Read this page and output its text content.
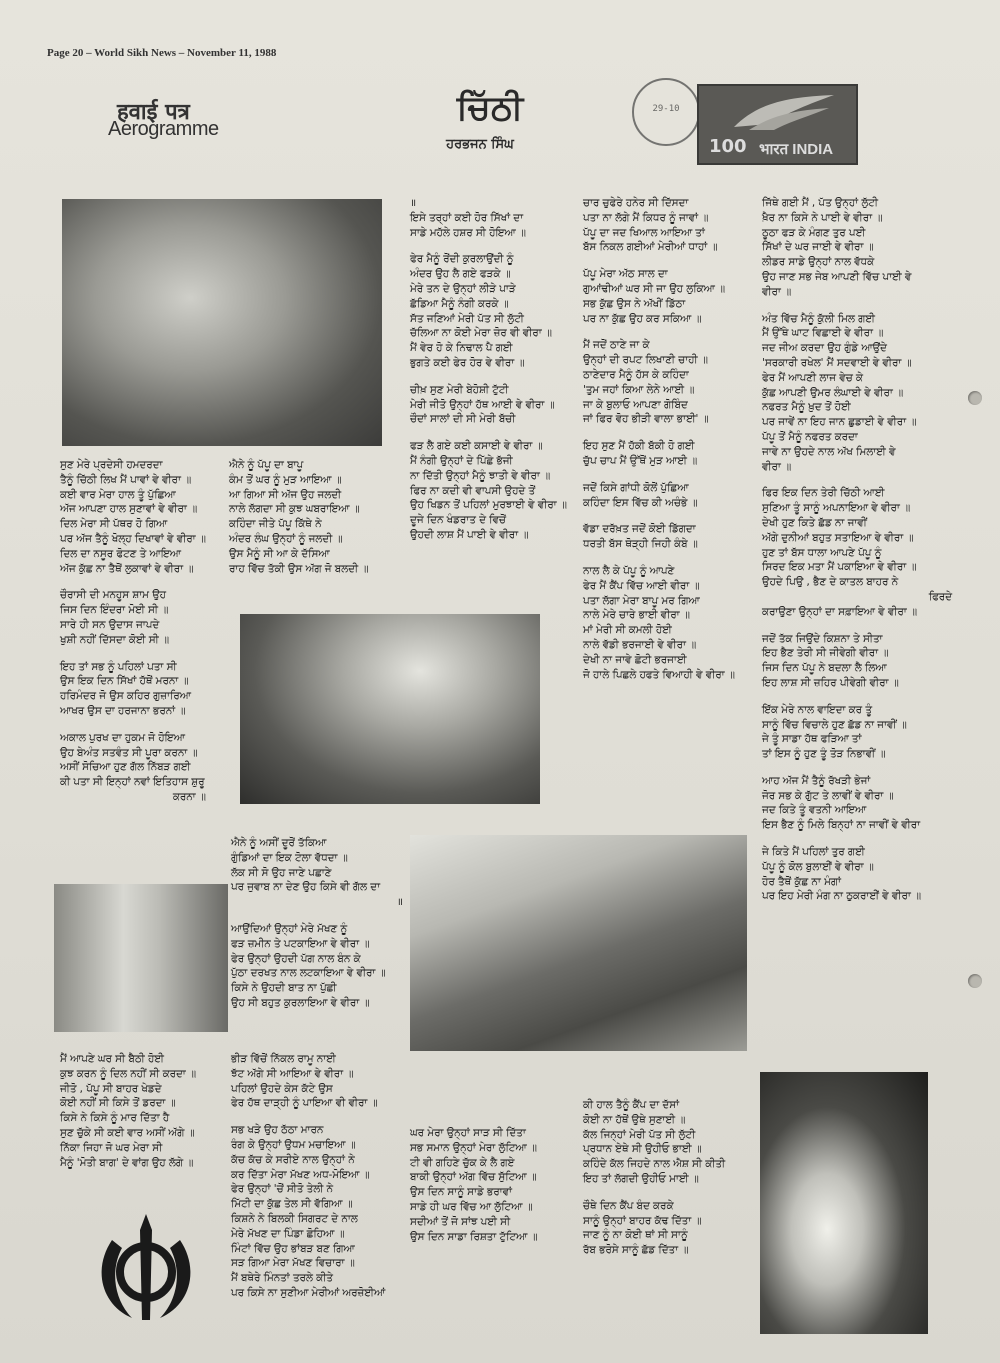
Page 20 – World Sikh News – November 11, 1988
हवाई पत्र
Aerogramme
ਚਿੱਠੀ
ਹਰਭਜਨ ਸਿੰਘ
29-10
100 भारत INDIA
ਸੁਣ ਮੇਰੇ ਪ੍ਰਦੇਸੀ ਹਮਦਰਦਾ
ਤੈਨੂੰ ਚਿੱਠੀ ਲਿਖ ਮੈਂ ਪਾਵਾਂ ਵੇ ਵੀਰਾ ॥
ਕਈ ਵਾਰ ਮੇਰਾ ਹਾਲ ਤੂੰ ਪੁੱਛਿਆ
ਅੱਜ ਆਪਣਾ ਹਾਲ ਸੁਣਾਵਾਂ ਵੇ ਵੀਰਾ ॥
ਦਿਲ ਮੇਰਾ ਸੀ ਪੱਥਰ ਹੋ ਗਿਆ
ਪਰ ਅੱਜ ਤੈਨੂੰ ਖੋਲ੍ਹ ਦਿਖਾਵਾਂ ਵੇ ਵੀਰਾ ॥
ਦਿਲ ਦਾ ਨਸੂਰ ਫੋਟਣ ਤੇ ਆਇਆ
ਅੱਜ ਕੁੱਛ ਨਾ ਤੈਥੋਂ ਲੁਕਾਵਾਂ ਵੇ ਵੀਰਾ ॥
ਚੌਰਾਸੀ ਦੀ ਮਨਹੂਸ ਸ਼ਾਮ ਉਹ
ਜਿਸ ਦਿਨ ਇੰਦਰਾ ਮੋਈ ਸੀ ॥
ਸਾਰੇ ਹੀ ਸਨ ਉਦਾਸ ਜਾਪਦੇ
ਖੁਸ਼ੀ ਨਹੀਂ ਦਿੱਸਦਾ ਕੋਈ ਸੀ ॥
ਇਹ ਤਾਂ ਸਭ ਨੂੰ ਪਹਿਲਾਂ ਪਤਾ ਸੀ
ਉਸ ਇਕ ਦਿਨ ਸਿੱਖਾਂ ਹੱਥੋਂ ਮਰਨਾ ॥
ਹਰਿਮੰਦਰ ਜੋ ਉਸ ਕਹਿਰ ਗੁਜ਼ਾਰਿਆ
ਆਖਰ ਉਸ ਦਾ ਹਰਜਾਨਾ ਭਰਨਾਂ ॥
ਅਕਾਲ ਪੁਰਖ ਦਾ ਹੁਕਮ ਜੋ ਹੋਇਆ
ਉਹ ਬੇਅੰਤ ਸਤਵੰਤ ਸੀ ਪੂਰਾ ਕਰਨਾ ॥
ਅਸੀਂ ਸੋਚਿਆ ਹੁਣ ਗੱਲ ਨਿੱਬੜ ਗਈ
ਕੀ ਪਤਾ ਸੀ ਇਨ੍ਹਾਂ ਨਵਾਂ ਇਤਿਹਾਸ ਸ਼ੁਰੂ
ਕਰਨਾ ॥
ਐਨੇ ਨੂੰ ਪੱਪੂ ਦਾ ਬਾਪੂ
ਕੰਮ ਤੋਂ ਘਰ ਨੂੰ ਮੁੜ ਆਇਆ ॥
ਆ ਗਿਆ ਸੀ ਅੱਜ ਉਹ ਜਲਦੀ
ਨਾਲੇ ਲੱਗਦਾ ਸੀ ਕੁਝ ਘਬਰਾਇਆ ॥
ਕਹਿੰਦਾ ਜੀਤੇ ਪੱਪੂ ਕਿੱਥੇ ਨੇ
ਅੰਦਰ ਲੰਘ ਉਨ੍ਹਾਂ ਨੂੰ ਜਲਦੀ ॥
ਉਸ ਮੈਨੂੰ ਸੀ ਆ ਕੇ ਦੱਸਿਆ
ਰਾਹ ਵਿੱਚ ਤੱਕੀ ਉਸ ਅੱਗ ਜੋ ਬਲਦੀ ॥
॥
ਇਸੇ ਤਰ੍ਹਾਂ ਕਈ ਹੋਰ ਸਿੱਖਾਂ ਦਾ
ਸਾਡੇ ਮਹੱਲੇ ਹਸ਼ਰ ਸੀ ਹੋਇਆ ॥
ਫੇਰ ਮੈਨੂੰ ਰੋਂਦੀ ਕੁਰਲਾਉਂਦੀ ਨੂੰ
ਅੰਦਰ ਉਹ ਲੈ ਗਏ ਫੜਕੇ ॥
ਮੇਰੇ ਤਨ ਦੇ ਉਨ੍ਹਾਂ ਲੀੜੇ ਪਾੜੇ
ਛੱਡਿਆ ਮੈਨੂੰ ਨੰਗੀ ਕਰਕੇ ॥
ਸੱਤ ਜਣਿਆਂ ਮੇਰੀ ਪੱਤ ਸੀ ਲੁੱਟੀ
ਚੱਲਿਆ ਨਾ ਕੋਈ ਮੇਰਾ ਜ਼ੋਰ ਵੀ ਵੀਰਾ ॥
ਮੈਂ ਵੇਰ ਹੋ ਕੇ ਨਿਢਾਲ ਪੈ ਗਈ
ਭੁਗਤੇ ਕਈ ਫੇਰ ਹੋਰ ਵੇ ਵੀਰਾ ॥
ਚੀਖ਼ ਸੁਣ ਮੇਰੀ ਬੇਹੋਸ਼ੀ ਟੁੱਟੀ
ਮੇਰੀ ਜੀਤੋ ਉਨ੍ਹਾਂ ਹੱਥ ਆਈ ਵੇ ਵੀਰਾ ॥
ਚੌਦਾਂ ਸਾਲਾਂ ਦੀ ਸੀ ਮੇਰੀ ਬੱਚੀ
ਫੜ ਲੈ ਗਏ ਕਈ ਕਸਾਈ ਵੇ ਵੀਰਾ ॥
ਮੈਂ ਨੰਗੀ ਉਨ੍ਹਾਂ ਦੇ ਪਿੱਛੇ ਭੱਜੀ
ਨਾ ਦਿੱਤੀ ਉਨ੍ਹਾਂ ਮੈਨੂੰ ਝਾਤੀ ਵੇ ਵੀਰਾ ॥
ਫਿਰ ਨਾ ਕਦੀ ਵੀ ਵਾਪਸੀ ਉਹਦੇ ਤੋਂ
ਉਹ ਖਿਡਨ ਤੋਂ ਪਹਿਲਾਂ ਮੁਰਝਾਈ ਵੇ ਵੀਰਾ ॥
ਦੂਜੇ ਦਿਨ ਖੰਡਰਾਤ ਦੇ ਵਿਚੋਂ
ਉਹਦੀ ਲਾਸ਼ ਮੈਂ ਪਾਈ ਵੇ ਵੀਰਾ ॥
ਚਾਰ ਚੁਫੇਰੇ ਹਨੇਰ ਸੀ ਦਿੱਸਦਾ
ਪਤਾ ਨਾ ਲੱਗੇ ਮੈਂ ਕਿਧਰ ਨੂੰ ਜਾਵਾਂ ॥
ਪੱਪੂ ਦਾ ਜਦ ਖਿਆਲ ਆਇਆ ਤਾਂ
ਬੱਸ ਨਿਕਲ ਗਈਆਂ ਮੇਰੀਆਂ ਧਾਹਾਂ ॥
ਪੱਪੂ ਮੇਰਾ ਅੱਠ ਸਾਲ ਦਾ
ਗੁਆਂਢੀਆਂ ਘਰ ਸੀ ਜਾ ਉਹ ਲੁਕਿਆ ॥
ਸਭ ਕੁੱਛ ਉਸ ਨੇ ਅੱਖੀਂ ਡਿੱਠਾ
ਪਰ ਨਾ ਕੁੱਛ ਉਹ ਕਰ ਸਕਿਆ ॥
ਮੈਂ ਜਦੋਂ ਠਾਣੇ ਜਾ ਕੇ
ਉਨ੍ਹਾਂ ਦੀ ਰਪਟ ਲਿਖਾਣੀ ਚਾਹੀ ॥
ਠਾਣੇਦਾਰ ਮੈਨੂੰ ਹੱਸ ਕੇ ਕਹਿੰਦਾ
'ਤੁਮ ਜਹਾਂ ਕਿਆ ਲੇਨੇ ਆਈ ॥
ਜਾ ਕੇ ਬੁਲਾਓ ਆਪਣਾ ਗੋਬਿੰਦ
ਜਾਂ ਫਿਰ ਵੋਹ ਭੀੜੀ ਵਾਲਾ ਭਾਈ' ॥
ਇਹ ਸੁਣ ਮੈਂ ਹੱਕੀ ਬੱਕੀ ਹੋ ਗਈ
ਚੁੱਪ ਚਾਪ ਮੈਂ ਉੱਥੋਂ ਮੁੜ ਆਈ ॥
ਜਦੋਂ ਕਿਸੇ ਗਾਂਧੀ ਕੋਲੋਂ ਪੁੱਛਿਆ
ਕਹਿੰਦਾ ਇਸ ਵਿੱਚ ਕੀ ਅਚੰਭੇ ॥
ਵੱਡਾ ਦਰੱਖ਼ਤ ਜਦੋਂ ਕੋਈ ਡਿੱਗਦਾ
ਧਰਤੀ ਬੱਸ ਥੋੜ੍ਹੀ ਜਿਹੀ ਕੰਬੇ ॥
ਨਾਲ ਲੈ ਕੇ ਪੱਪੂ ਨੂੰ ਆਪਣੇ
ਫੇਰ ਮੈਂ ਕੈਂਪ ਵਿੱਚ ਆਈ ਵੀਰਾ ॥
ਪਤਾ ਲੱਗਾ ਮੇਰਾ ਬਾਪੂ ਮਰ ਗਿਆ
ਨਾਲੇ ਮੇਰੇ ਚਾਰੇ ਭਾਈ ਵੀਰਾ ॥
ਮਾਂ ਮੇਰੀ ਸੀ ਕਮਲੀ ਹੋਈ
ਨਾਲੇ ਵੱਡੀ ਭਰਜਾਈ ਵੇ ਵੀਰਾ ॥
ਦੇਖੀ ਨਾ ਜਾਵੇ ਛੋਟੀ ਭਰਜਾਈ
ਜੋ ਹਾਲੇ ਪਿਛਲੇ ਹਫਤੇ ਵਿਆਹੀ ਵੇ ਵੀਰਾ ॥
ਜਿੱਥੇ ਗਈ ਮੈਂ , ਪੱਤ ਉਨ੍ਹਾਂ ਲੁੱਟੀ
ਖ਼ੈਰ ਨਾ ਕਿਸੇ ਨੇ ਪਾਈ ਵੇ ਵੀਰਾ ॥
ਠੂਠਾ ਫੜ ਕੇ ਮੰਗਣ ਤੁਰ ਪਈ
ਸਿੱਖਾਂ ਦੇ ਘਰ ਜਾਈ ਵੇ ਵੀਰਾ ॥
ਲੀਡਰ ਸਾਡੇ ਉਨ੍ਹਾਂ ਨਾਲ ਵੱਧਕੇ
ਉਹ ਜਾਣ ਸਭ ਜੇਬ ਆਪਣੀ ਵਿੱਚ ਪਾਈ ਵੇ
ਵੀਰਾ ॥
ਅੰਤ ਵਿੱਚ ਮੈਨੂੰ ਕੁੱਲੀ ਮਿਲ ਗਈ
ਮੈਂ ਉੱਥੇ ਘਾਟ ਵਿਛਾਈ ਵੇ ਵੀਰਾ ॥
ਜਦ ਜੀਅ ਕਰਦਾ ਉਹ ਗੁੰਡੇ ਆਉਂਦੇ
'ਸਰਕਾਰੀ ਰਖੇਲ' ਮੈਂ ਸਦਵਾਈ ਵੇ ਵੀਰਾ ॥
ਫੇਰ ਮੈਂ ਆਪਣੀ ਲਾਜ ਵੇਚ ਕੇ
ਕੁੱਛ ਆਪਣੀ ਉਮਰ ਲੰਘਾਈ ਵੇ ਵੀਰਾ ॥
ਨਫਰਤ ਮੈਨੂੰ ਖ਼ੁਦ ਤੋਂ ਹੋਈ
ਪਰ ਜਾਵੇਂ ਨਾ ਇਹ ਜਾਨ ਛੁਡਾਈ ਵੇ ਵੀਰਾ ॥
ਪੱਪੂ ਤੋਂ ਮੈਨੂੰ ਨਫਰਤ ਕਰਦਾ
ਜਾਵੇ ਨਾ ਉਹਦੇ ਨਾਲ ਅੱਖ ਮਿਲਾਈ ਵੇ
ਵੀਰਾ ॥
ਫਿਰ ਇਕ ਦਿਨ ਤੇਰੀ ਚਿੱਠੀ ਆਈ
ਸੁਣਿਆ ਤੂੰ ਸਾਨੂੰ ਅਪਨਾਇਆ ਵੇ ਵੀਰਾ ॥
ਦੇਖੀ ਹੁਣ ਕਿਤੇ ਛੱਡ ਨਾ ਜਾਵੀਂ
ਅੱਗੇ ਦੁਨੀਆਂ ਬਹੁਤ ਸਤਾਇਆ ਵੇ ਵੀਰਾ ॥
ਹੁਣ ਤਾਂ ਬੱਸ ਧਾਲਾ ਆਪਣੇ ਪੱਪੂ ਨੂੰ
ਸਿਰਦ ਇਕ ਮਤਾ ਮੈਂ ਪਕਾਇਆ ਵੇ ਵੀਰਾ ॥
ਉਹਦੇ ਪਿਉ , ਭੈਣ ਦੇ ਕਾਤਲ ਬਾਹਰ ਨੇ
ਫਿਰਦੇ
ਕਰਾਉਣਾ ਉਨ੍ਹਾਂ ਦਾ ਸਫ਼ਾਇਆ ਵੇ ਵੀਰਾ ॥
ਜਦੋਂ ਤੱਕ ਜਿਉਂਦੇ ਕਿਸ਼ਨਾ ਤੇ ਸੀਤਾ
ਇਹ ਭੈਣ ਤੇਰੀ ਸੀ ਜੀਵੇਗੀ ਵੀਰਾ ॥
ਜਿਸ ਦਿਨ ਪੱਪੂ ਨੇ ਬਦਲਾ ਲੈ ਲਿਆ
ਇਹ ਲਾਸ਼ ਸੀ ਜ਼ਹਿਰ ਪੀਵੇਗੀ ਵੀਰਾ ॥
ਇੱਕ ਮੇਰੇ ਨਾਲ ਵਾਇਦਾ ਕਰ ਤੂੰ
ਸਾਨੂੰ ਵਿੱਚ ਵਿਚਾਲੇ ਹੁਣ ਛੱਡ ਨਾ ਜਾਵੀਂ ॥
ਜੇ ਤੂੰ ਸਾਡਾ ਹੱਥ ਫੜਿਆ ਤਾਂ
ਤਾਂ ਇਸ ਨੂੰ ਹੁਣ ਤੂੰ ਤੋੜ ਨਿਭਾਵੀਂ ॥
ਆਹ ਅੱਜ ਮੈਂ ਤੈਨੂੰ ਰੱਖੜੀ ਭੇਜਾਂ
ਜੋਰ ਸਭ ਕੇ ਗੁੱਟ ਤੇ ਲਾਵੀਂ ਵੇ ਵੀਰਾ ॥
ਜਦ ਕਿਤੇ ਤੂੰ ਵਤਨੀ ਆਇਆ
ਇਸ ਭੈਣ ਨੂੰ ਮਿਲੇ ਬਿਨ੍ਹਾਂ ਨਾ ਜਾਵੀਂ ਵੇ ਵੀਰਾ
ਜੇ ਕਿਤੇ ਮੈਂ ਪਹਿਲਾਂ ਤੁਰ ਗਈ
ਪੱਪੂ ਨੂੰ ਕੋਲ ਬੁਲਾਈਂ ਵੇ ਵੀਰਾ ॥
ਹੋਰ ਤੈਥੋਂ ਕੁੱਛ ਨਾ ਮੰਗਾਂ
ਪਰ ਇਹ ਮੇਰੀ ਮੰਗ ਨਾ ਠੁਕਰਾਈਂ ਵੇ ਵੀਰਾ ॥
ਐਨੇ ਨੂੰ ਅਸੀਂ ਦੂਰੋਂ ਤੱਕਿਆ
ਗੁੰਡਿਆਂ ਦਾ ਇਕ ਟੋਲਾ ਵੱਧਦਾ ॥
ਲੱਕ ਸੀ ਸੋ ਉਹ ਜਾਣੇ ਪਛਾਣੇ
ਪਰ ਜੁਵਾਬ ਨਾ ਦੇਣ ਉਹ ਕਿਸੇ ਵੀ ਗੱਲ ਦਾ
॥
ਆਉਂਦਿਆਂ ਉਨ੍ਹਾਂ ਮੇਰੇ ਮੱਖਣ ਨੂੰ
ਫੜ ਜ਼ਮੀਨ ਤੇ ਪਟਕਾਇਆ ਵੇ ਵੀਰਾ ॥
ਫੇਰ ਉਨ੍ਹਾਂ ਉਹਦੀ ਪੱਗ ਨਾਲ ਬੰਨ ਕੇ
ਪੁੱਠਾ ਦਰਖਤ ਨਾਲ ਲਟਕਾਇਆ ਵੇ ਵੀਰਾ ॥
ਕਿਸੇ ਨੇ ਉਹਦੀ ਬਾਤ ਨਾ ਪੁੱਛੀ
ਉਹ ਸੀ ਬਹੁਤ ਕੁਰਲਾਇਆ ਵੇ ਵੀਰਾ ॥
ਮੈਂ ਆਪਣੇ ਘਰ ਸੀ ਬੈਠੀ ਹੋਈ
ਕੁਝ ਕਰਨ ਨੂੰ ਦਿਲ ਨਹੀਂ ਸੀ ਕਰਦਾ ॥
ਜੀਤੋ , ਪੱਪੂ ਸੀ ਬਾਹਰ ਖੇਡਦੇ
ਕੋਈ ਨਹੀਂ ਸੀ ਕਿਸੇ ਤੋਂ ਡਰਦਾ ॥
ਕਿਸੇ ਨੇ ਕਿਸੇ ਨੂੰ ਮਾਰ ਦਿੱਤਾ ਹੈ
ਸੁਣ ਚੁੱਕੇ ਸੀ ਕਈ ਵਾਰ ਅਸੀਂ ਅੱਗੇ ॥
ਨਿੱਕਾ ਜਿਹਾ ਜੋ ਘਰ ਮੇਰਾ ਸੀ
ਮੈਨੂੰ 'ਮੋਤੀ ਬਾਗ' ਦੇ ਵਾਂਗ ਉਹ ਲੱਗੇ ॥
ਭੀੜ ਵਿੱਚੋਂ ਨਿੱਕਲ ਰਾਮੂ ਨਾਈ
ਝੱਟ ਅੱਗੇ ਸੀ ਆਇਆ ਵੇ ਵੀਰਾ ॥
ਪਹਿਲਾਂ ਉਹਦੇ ਕੇਸ ਕੱਟੇ ਉਸ
ਫੇਰ ਹੱਥ ਦਾੜ੍ਹੀ ਨੂੰ ਪਾਇਆ ਵੀ ਵੀਰਾ ॥
ਸਭ ਖੜੇ ਉਹ ਠੱਠਾ ਮਾਰਨ
ਰੰਗ ਕੇ ਉਨ੍ਹਾਂ ਉਧਮ ਮਚਾਇਆ ॥
ਕੱਚ ਕੱਚ ਕੇ ਸਰੀਏ ਨਾਲ ਉਨ੍ਹਾਂ ਨੇ
ਕਰ ਦਿੱਤਾ ਮੇਰਾ ਮੱਖਣ ਅਧ-ਮੋਇਆ ॥
ਫੇਰ ਉਨ੍ਹਾਂ 'ਚੋਂ ਸੀਤੋ ਤੇਲੀ ਨੇ
ਮਿੱਟੀ ਦਾ ਕੁੱਛ ਤੇਲ ਸੀ ਵੱਗਿਆ ॥
ਕਿਸ਼ਨੇ ਨੇ ਬਿਲਕੀ ਸਿਗਰਟ ਦੇ ਨਾਲ
ਮੇਰੇ ਮੱਖਣ ਦਾ ਪਿੰਡਾ ਛੋਹਿਆ ॥
ਮਿੰਟਾਂ ਵਿੱਚ ਉਹ ਭਾਂਬੜ ਬਣ ਗਿਆ
ਸੜ ਗਿਆ ਮੇਰਾ ਮੱਖਣ ਵਿਚਾਰਾ ॥
ਮੈਂ ਬਥੇਰੇ ਮਿੰਨਤਾਂ ਤਰਲੇ ਕੀਤੇ
ਪਰ ਕਿਸੇ ਨਾ ਸੁਣੀਆ ਮੇਰੀਆਂ ਅਰਜ਼ੋਈਆਂ
ਘਰ ਮੇਰਾ ਉਨ੍ਹਾਂ ਸਾੜ ਸੀ ਦਿੱਤਾ
ਸਭ ਸਮਾਨ ਉਨ੍ਹਾਂ ਮੇਰਾ ਲੁੱਟਿਆ ॥
ਟੀ ਵੀ ਗਹਿਣੇ ਚੁੱਕ ਕੇ ਲੈ ਗਏ
ਬਾਕੀ ਉਨ੍ਹਾਂ ਅੱਗ ਵਿੱਚ ਸੁੱਟਿਆ ॥
ਉਸ ਦਿਨ ਸਾਨੂੰ ਸਾਡੇ ਭਰਾਵਾਂ
ਸਾਡੇ ਹੀ ਘਰ ਵਿੱਚ ਆ ਲੁੱਟਿਆ ॥
ਸਦੀਆਂ ਤੋਂ ਜੋ ਸਾਂਝ ਪਈ ਸੀ
ਉਸ ਦਿਨ ਸਾਡਾ ਰਿਸ਼ਤਾ ਟੁੱਟਿਆ ॥
ਕੀ ਹਾਲ ਤੈਨੂੰ ਕੈਂਪ ਦਾ ਦੱਸਾਂ
ਕੋਈ ਨਾ ਹੱਥੋਂ ਉਥੇ ਸੁਣਾਈ ॥
ਕੱਲ ਜਿਨ੍ਹਾਂ ਮੇਰੀ ਪੱਤ ਸੀ ਲੁੱਟੀ
ਪ੍ਰਧਾਨ ਏਥੇ ਸੀ ਉਹੀਓ ਭਾਈ ॥
ਕਹਿੰਦੇ ਕੱਲ ਜਿਹਦੇ ਨਾਲ ਐਸ਼ ਸੀ ਕੀਤੀ
ਇਹ ਤਾਂ ਲੱਗਦੀ ਉਹੀਓ ਮਾਈ ॥
ਚੌਥੇ ਦਿਨ ਕੈਂਪ ਬੰਦ ਕਰਕੇ
ਸਾਨੂੰ ਉਨ੍ਹਾਂ ਬਾਹਰ ਕੱਢ ਦਿੱਤਾ ॥
ਜਾਣ ਨੂੰ ਨਾ ਕੋਈ ਥਾਂ ਸੀ ਸਾਨੂੰ
ਰੱਬ ਭਰੋਸੇ ਸਾਨੂੰ ਛੱਡ ਦਿੱਤਾ ॥
